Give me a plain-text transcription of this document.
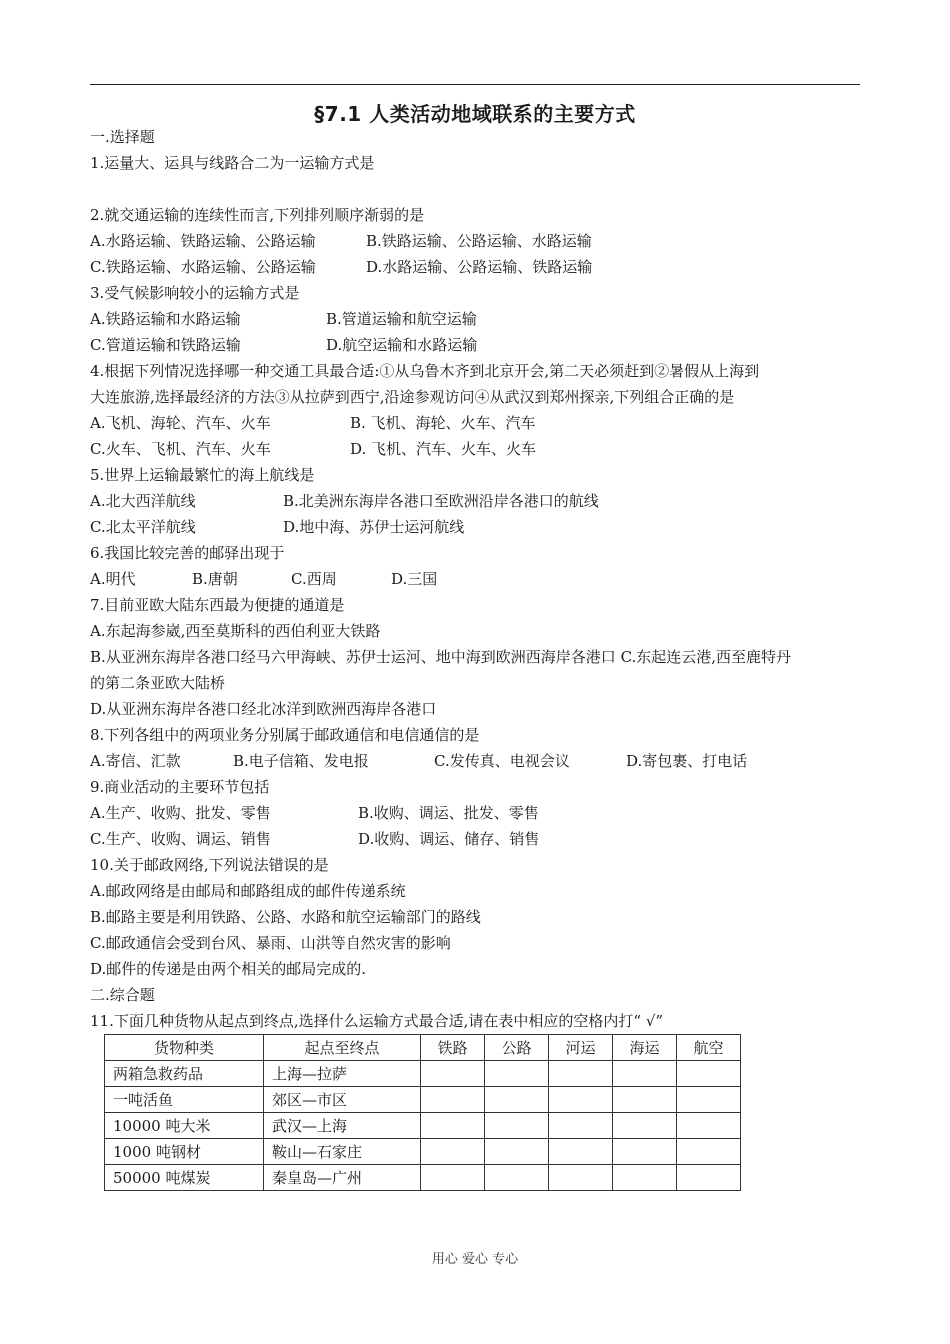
§7.1 人类活动地域联系的主要方式
一.选择题
1.运量大、运具与线路合二为一运输方式是
2.就交通运输的连续性而言,下列排列顺序渐弱的是
A.水路运输、铁路运输、公路运输	B.铁路运输、公路运输、水路运输
C.铁路运输、水路运输、公路运输	D.水路运输、公路运输、铁路运输
3.受气候影响较小的运输方式是
A.铁路运输和水路运输	B.管道运输和航空运输
C.管道运输和铁路运输	D.航空运输和水路运输
4.根据下列情况选择哪一种交通工具最合适:①从乌鲁木齐到北京开会,第二天必须赶到②暑假从上海到
大连旅游,选择最经济的方法③从拉萨到西宁,沿途参观访问④从武汉到郑州探亲,下列组合正确的是
A.飞机、海轮、汽车、火车	B. 飞机、海轮、火车、汽车
C.火车、飞机、汽车、火车	D. 飞机、汽车、火车、火车
5.世界上运输最繁忙的海上航线是
A.北大西洋航线	B.北美洲东海岸各港口至欧洲沿岸各港口的航线
C.北太平洋航线	D.地中海、苏伊士运河航线
6.我国比较完善的邮驿出现于
A.明代	B.唐朝	C.西周	D.三国
7.目前亚欧大陆东西最为便捷的通道是
A.东起海参崴,西至莫斯科的西伯利亚大铁路
B.从亚洲东海岸各港口经马六甲海峡、苏伊士运河、地中海到欧洲西海岸各港口 C.东起连云港,西至鹿特丹
的第二条亚欧大陆桥
D.从亚洲东海岸各港口经北冰洋到欧洲西海岸各港口
8.下列各组中的两项业务分别属于邮政通信和电信通信的是
A.寄信、汇款	B.电子信箱、发电报	C.发传真、电视会议	D.寄包裹、打电话
9.商业活动的主要环节包括
A.生产、收购、批发、零售	B.收购、调运、批发、零售
C.生产、收购、调运、销售	D.收购、调运、储存、销售
10.关于邮政网络,下列说法错误的是
A.邮政网络是由邮局和邮路组成的邮件传递系统
B.邮路主要是利用铁路、公路、水路和航空运输部门的路线
C.邮政通信会受到台风、暴雨、山洪等自然灾害的影响
D.邮件的传递是由两个相关的邮局完成的.
二.综合题
11.下面几种货物从起点到终点,选择什么运输方式最合适,请在表中相应的空格内打“ √”
货物种类	起点至终点	铁路	公路	河运	海运	航空
两箱急救药品	上海—拉萨					
一吨活鱼	郊区—市区					
10000 吨大米	武汉—上海					
1000 吨钢材	鞍山—石家庄					
50000 吨煤炭	秦皇岛—广州					
用心 爱心 专心
